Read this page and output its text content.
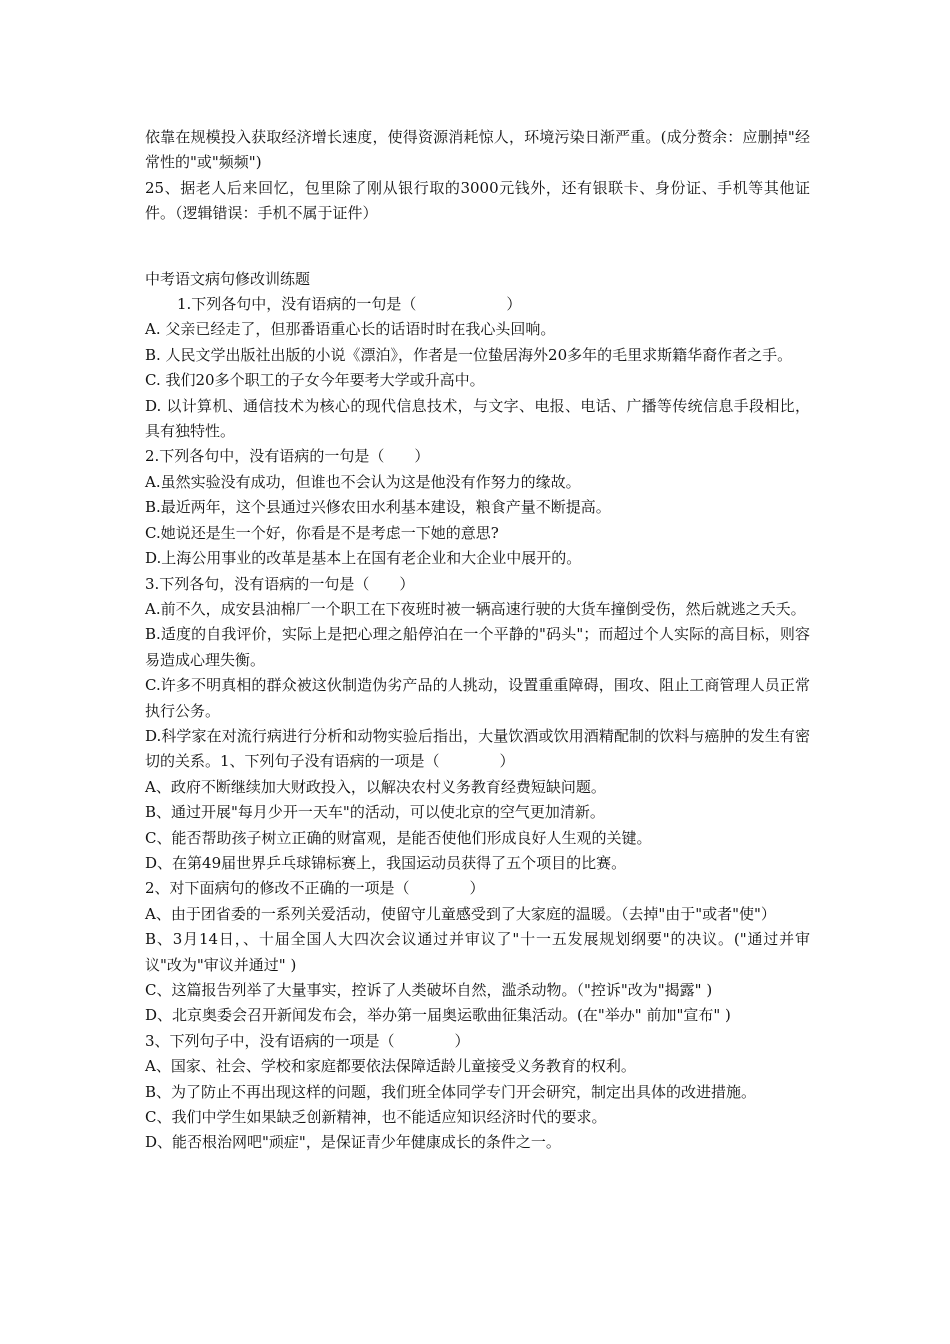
依靠在规模投入获取经济增长速度，使得资源消耗惊人，环境污染日渐严重。(成分赘余：应删掉"经常性的"或"频频")

25、据老人后来回忆，包里除了刚从银行取的3000元钱外，还有银联卡、身份证、手机等其他证件。（逻辑错误：手机不属于证件）

中考语文病句修改训练题

1.下列各句中，没有语病的一句是（　　　　　　）

A. 父亲已经走了，但那番语重心长的话语时时在我心头回响。

B. 人民文学出版社出版的小说《漂泊》，作者是一位蛰居海外20多年的毛里求斯籍华裔作者之手。

C. 我们20多个职工的子女今年要考大学或升高中。

D. 以计算机、通信技术为核心的现代信息技术，与文字、电报、电话、广播等传统信息手段相比，具有独特性。

2.下列各句中，没有语病的一句是（　　）

A.虽然实验没有成功，但谁也不会认为这是他没有作努力的缘故。

B.最近两年，这个县通过兴修农田水利基本建设，粮食产量不断提高。

C.她说还是生一个好，你看是不是考虑一下她的意思?

D.上海公用事业的改革是基本上在国有老企业和大企业中展开的。

3.下列各句，没有语病的一句是（　　）

A.前不久，成安县油棉厂一个职工在下夜班时被一辆高速行驶的大货车撞倒受伤，然后就逃之夭夭。

B.适度的自我评价，实际上是把心理之船停泊在一个平静的"码头"；而超过个人实际的高目标，则容易造成心理失衡。

C.许多不明真相的群众被这伙制造伪劣产品的人挑动，设置重重障碍，围攻、阻止工商管理人员正常执行公务。

D.科学家在对流行病进行分析和动物实验后指出，大量饮酒或饮用酒精配制的饮料与癌肿的发生有密切的关系。1、下列句子没有语病的一项是（　　　　）

A、政府不断继续加大财政投入，以解决农村义务教育经费短缺问题。

B、通过开展"每月少开一天车"的活动，可以使北京的空气更加清新。

C、能否帮助孩子树立正确的财富观，是能否使他们形成良好人生观的关键。

D、在第49届世界乒乓球锦标赛上，我国运动员获得了五个项目的比赛。

2、对下面病句的修改不正确的一项是（　　　　）

A、由于团省委的一系列关爱活动，使留守儿童感受到了大家庭的温暖。（去掉"由于"或者"使"）

B、3月14日，、十届全国人大四次会议通过并审议了"十一五发展规划纲要"的决议。("通过并审议"改为"审议并通过" )

C、这篇报告列举了大量事实，控诉了人类破坏自然，滥杀动物。（"控诉"改为"揭露" )

D、北京奥委会召开新闻发布会，举办第一届奥运歌曲征集活动。(在"举办" 前加"宣布" )

3、下列句子中，没有语病的一项是（　　　　）

A、国家、社会、学校和家庭都要依法保障适龄儿童接受义务教育的权利。

B、为了防止不再出现这样的问题，我们班全体同学专门开会研究，制定出具体的改进措施。

C、我们中学生如果缺乏创新精神，也不能适应知识经济时代的要求。

D、能否根治网吧"顽症"，是保证青少年健康成长的条件之一。
